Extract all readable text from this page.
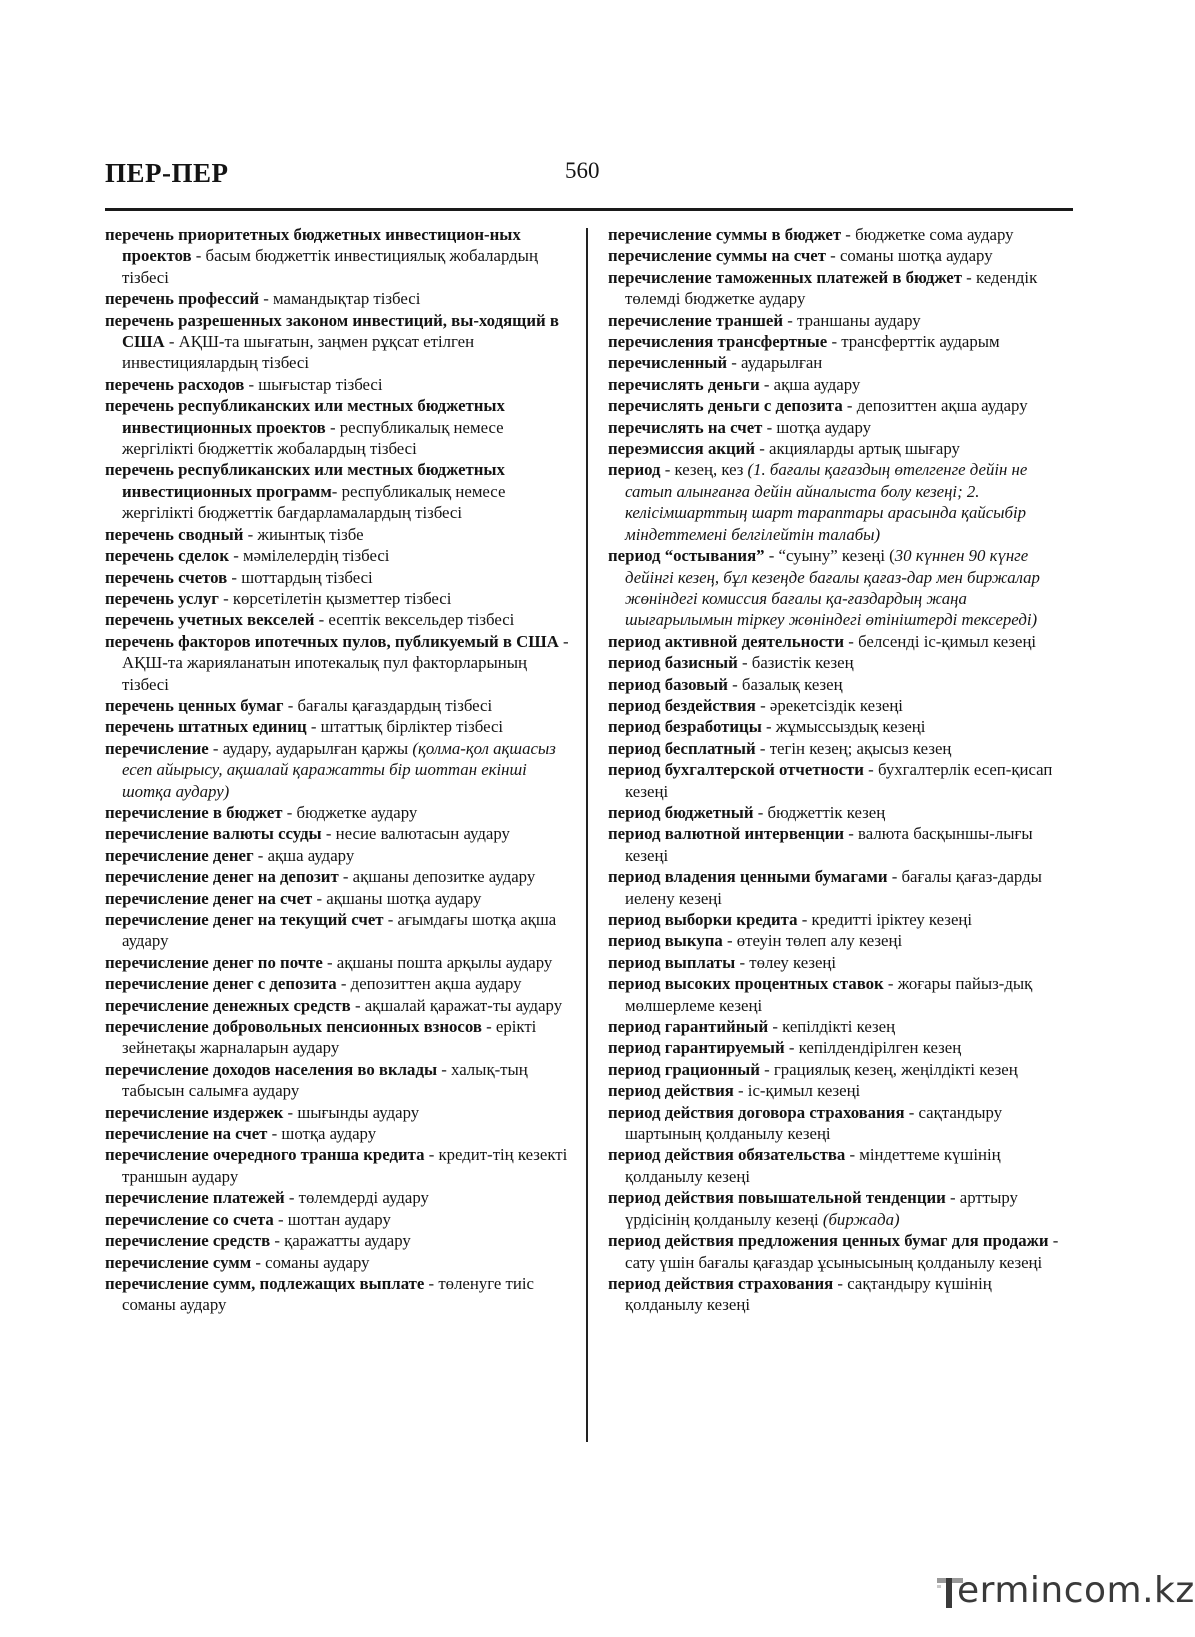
ПЕР-ПЕР	560

перечень приоритетных бюджетных инвестицион-ных проектов - басым бюджеттік инвестициялық жобалардың тізбесі

перечень профессий - мамандықтар тізбесі

перечень разрешенных законом инвестиций, вы-ходящий в США - АҚШ-та шығатын, заңмен рұқсат етілген инвестициялардың тізбесі

перечень расходов - шығыстар тізбесі

перечень республиканских или местных бюджетных инвестиционных проектов - республикалық немесе жергілікті бюджеттік жобалардың тізбесі

перечень республиканских или местных бюджетных инвестиционных программ- республикалық немесе жергілікті бюджеттік бағдарламалардың тізбесі

перечень сводный - жиынтық тізбе

перечень сделок - мәмілелердің тізбесі

перечень счетов - шоттардың тізбесі

перечень услуг - көрсетілетін қызметтер тізбесі

перечень учетных векселей - есептік вексельдер тізбесі

перечень факторов ипотечных пулов, публикуемый в США - АҚШ-та жарияланатын ипотекалық пул факторларының тізбесі

перечень ценных бумаг - бағалы қағаздардың тізбесі

перечень штатных единиц - штаттық бірліктер тізбесі

перечисление - аудару, аударылған қаржы (қолма-қол ақшасыз есеп айырысу, ақшалай қаражатты бір шоттан екінші шотқа аудару)

перечисление в бюджет - бюджетке аудару

перечисление валюты ссуды - несие валютасын аудару

перечисление денег - ақша аудару

перечисление денег на депозит - ақшаны депозитке аудару

перечисление денег на счет - ақшаны шотқа аудару

перечисление денег на текущий счет - ағымдағы шотқа ақша аудару

перечисление денег по почте - ақшаны пошта арқылы аудару

перечисление денег с депозита - депозиттен ақша аудару

перечисление денежных средств - ақшалай қаражат-ты аудару

перечисление добровольных пенсионных взносов - ерікті зейнетақы жарналарын аудару

перечисление доходов населения во вклады - халық-тың табысын салымға аудару

перечисление издержек - шығынды аудару

перечисление на счет - шотқа аудару

перечисление очередного транша кредита - кредит-тің кезекті траншын аудару

перечисление платежей - төлемдерді аудару

перечисление со счета - шоттан аудару

перечисление средств - қаражатты аудару

перечисление сумм - соманы аудару

перечисление сумм, подлежащих выплате - төленуге тиіс соманы аудару

перечисление суммы в бюджет - бюджетке сома аудару

перечисление суммы на счет - соманы шотқа аудару

перечисление таможенных платежей в бюджет - кедендік төлемді бюджетке аудару

перечисление траншей - траншаны аудару

перечисления трансфертные - трансферттік аударым

перечисленный - аударылған

перечислять деньги - ақша аудару

перечислять деньги с депозита - депозиттен ақша аудару

перечислять на счет - шотқа аудару

переэмиссия акций - акцияларды артық шығару

период - кезең, кез (1. бағалы қағаздың өтелгенге дейін не сатып алынғанға дейін айналыста болу кезеңі; 2. келісімшарттың шарт тараптары арасында қайсыбір міндеттемені белгілейтін талабы)

период “остывания” - “суыну” кезеңі (30 күннен 90 күнге дейінгі кезең, бұл кезеңде бағалы қағаз-дар мен биржалар жөніндегі комиссия бағалы қа-ғаздардың жаңа шығарылымын тіркеу жөніндегі өтініштерді тексереді)

период активной деятельности - белсенді іс-қимыл кезеңі

период базисный - базистік кезең

период базовый - базалық кезең

период бездействия - әрекетсіздік кезеңі

период безработицы - жұмыссыздық кезеңі

период бесплатный - тегін кезең; ақысыз кезең

период бухгалтерской отчетности - бухгалтерлік есеп-қисап кезеңі

период бюджетный - бюджеттік кезең

период валютной интервенции - валюта басқыншы-лығы кезеңі

период владения ценными бумагами - бағалы қағаз-дарды иелену кезеңі

период выборки кредита - кредитті іріктеу кезеңі

период выкупа - өтеуін төлеп алу кезеңі

период выплаты - төлеу кезеңі

период высоких процентных ставок - жоғары пайыз-дық мөлшерлеме кезеңі

период гарантийный - кепілдікті кезең

период гарантируемый - кепілдендірілген кезең

период грационный - грациялық кезең, жеңілдікті кезең

период действия - іс-қимыл кезеңі

период действия договора страхования - сақтандыру шартының қолданылу кезеңі

период действия обязательства - міндеттеме күшінің қолданылу кезеңі

период действия повышательной тенденции - арттыру үрдісінің қолданылу кезеңі (биржада)

период действия предложения ценных бумаг для продажи - сату үшін бағалы қағаздар ұсынысының қолданылу кезеңі

период действия страхования - сақтандыру күшінің қолданылу кезеңі

ermincom.kz
